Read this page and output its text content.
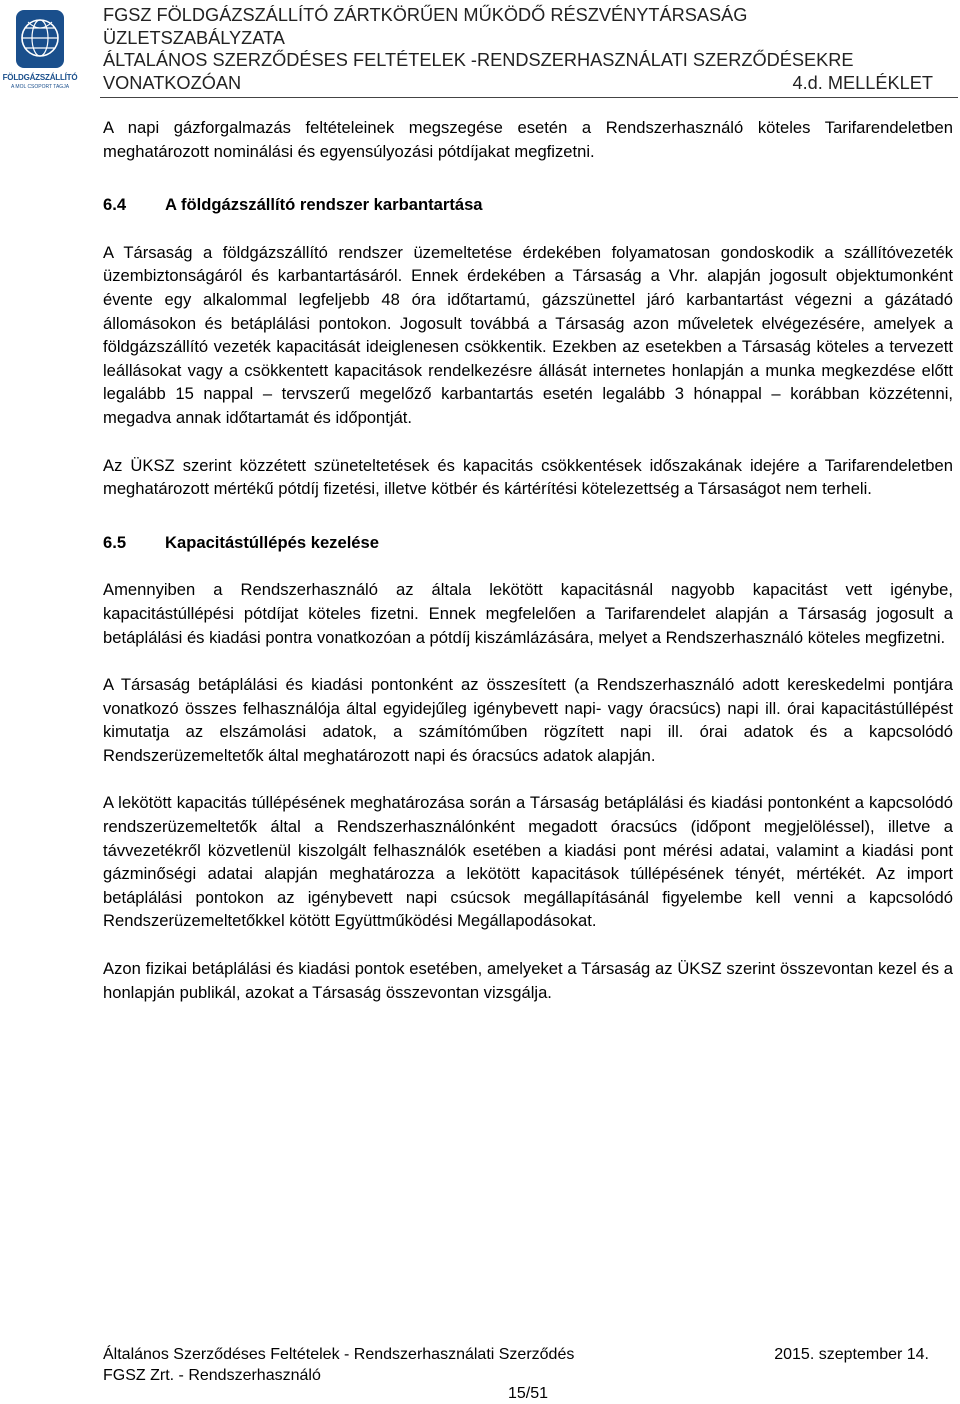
FÖLDGÁZSZÁLLÍTÓ
A MOL CSOPORT TAGJA
FGSZ FÖLDGÁZSZÁLLÍTÓ ZÁRTKÖRŰEN MŰKÖDŐ RÉSZVÉNYTÁRSASÁG
ÜZLETSZABÁLYZATA
ÁLTALÁNOS SZERZŐDÉSES FELTÉTELEK -RENDSZERHASZNÁLATI SZERZŐDÉSEKRE
VONATKOZÓAN	4.d. MELLÉKLET

A napi gázforgalmazás feltételeinek megszegése esetén a Rendszerhasználó köteles Tarifarendeletben meghatározott nominálási és egyensúlyozási pótdíjakat megfizetni.

6.4 A földgázszállító rendszer karbantartása

A Társaság a földgázszállító rendszer üzemeltetése érdekében folyamatosan gondoskodik a szállítóvezeték üzembiztonságáról és karbantartásáról. Ennek érdekében a Társaság a Vhr. alapján jogosult objektumonként évente egy alkalommal legfeljebb 48 óra időtartamú, gázszünettel járó karbantartást végezni a gázátadó állomásokon és betáplálási pontokon. Jogosult továbbá a Társaság azon műveletek elvégezésére, amelyek a földgázszállító vezeték kapacitását ideiglenesen csökkentik. Ezekben az esetekben a Társaság köteles a tervezett leállásokat vagy a csökkentett kapacitások rendelkezésre állását internetes honlapján a munka megkezdése előtt legalább 15 nappal – tervszerű megelőző karbantartás esetén legalább 3 hónappal – korábban közzétenni, megadva annak időtartamát és időpontját.

Az ÜKSZ szerint közzétett szüneteltetések és kapacitás csökkentések időszakának idejére a Tarifarendeletben meghatározott mértékű pótdíj fizetési, illetve kötbér és kártérítési kötelezettség a Társaságot nem terheli.

6.5 Kapacitástúllépés kezelése

Amennyiben a Rendszerhasználó az általa lekötött kapacitásnál nagyobb kapacitást vett igénybe, kapacitástúllépési pótdíjat köteles fizetni. Ennek megfelelően a Tarifarendelet alapján a Társaság jogosult a betáplálási és kiadási pontra vonatkozóan a pótdíj kiszámlázására, melyet a Rendszerhasználó köteles megfizetni.

A Társaság betáplálási és kiadási pontonként az összesített (a Rendszerhasználó adott kereskedelmi pontjára vonatkozó összes felhasználója által egyidejűleg igénybevett napi- vagy óracsúcs) napi ill. órai kapacitástúllépést kimutatja az elszámolási adatok, a számítóműben rögzített napi ill. órai adatok és a kapcsolódó Rendszerüzemeltetők által meghatározott napi és óracsúcs adatok alapján.

A lekötött kapacitás túllépésének meghatározása során a Társaság betáplálási és kiadási pontonként a kapcsolódó rendszerüzemeltetők által a Rendszerhasználónként megadott óracsúcs (időpont megjelöléssel), illetve a távvezetékről közvetlenül kiszolgált felhasználók esetében a kiadási pont mérési adatai, valamint a kiadási pont gázminőségi adatai alapján meghatározza a lekötött kapacitások túllépésének tényét, mértékét. Az import betáplálási pontokon az igénybevett napi csúcsok megállapításánál figyelembe kell venni a kapcsolódó Rendszerüzemeltetőkkel kötött Együttműködési Megállapodásokat.

Azon fizikai betáplálási és kiadási pontok esetében, amelyeket a Társaság az ÜKSZ szerint összevontan kezel és a honlapján publikál, azokat a Társaság összevontan vizsgálja.

Általános Szerződéses Feltételek - Rendszerhasználati Szerződés	2015. szeptember 14.
FGSZ Zrt. - Rendszerhasználó
15/51
